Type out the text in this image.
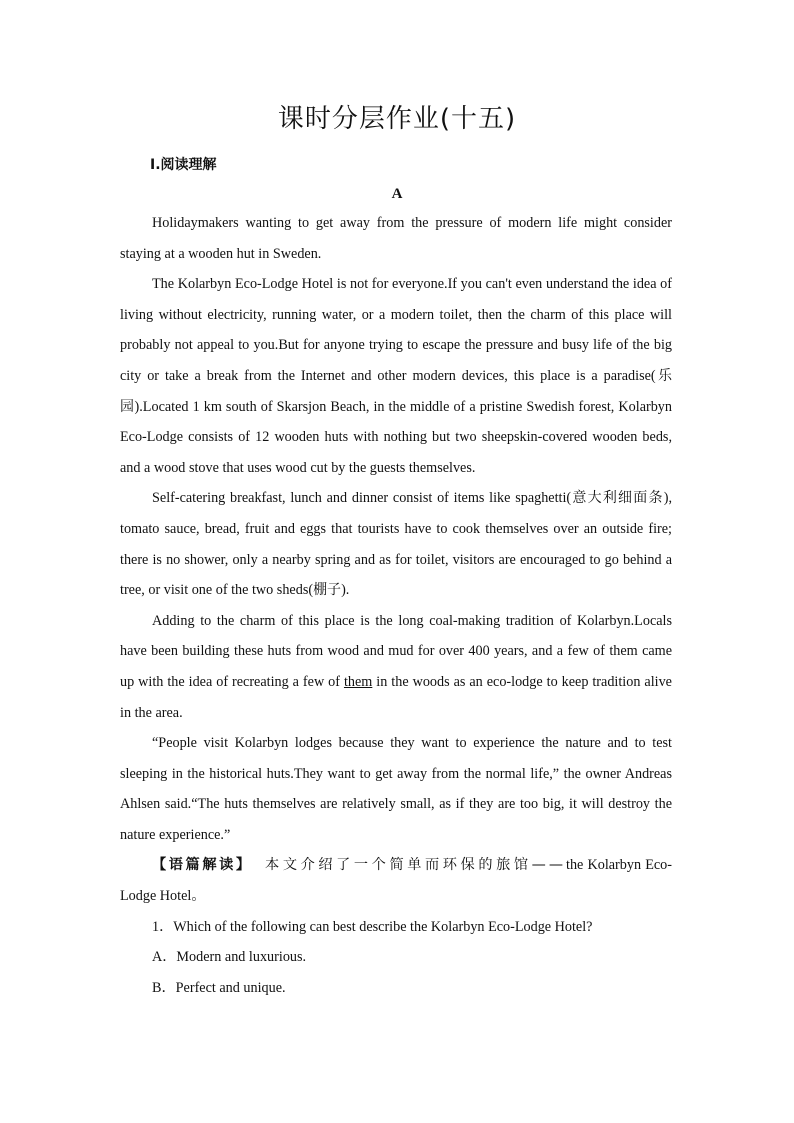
课时分层作业(十五)
Ⅰ.阅读理解
A

Holidaymakers wanting to get away from the pressure of modern life might consider staying at a wooden hut in Sweden.

The Kolarbyn Eco-Lodge Hotel is not for everyone.If you can't even understand the idea of living without electricity, running water, or a modern toilet, then the charm of this place will probably not appeal to you.But for anyone trying to escape the pressure and busy life of the big city or take a break from the Internet and other modern devices, this place is a paradise(乐园).Located 1 km south of Skarsjon Beach, in the middle of a pristine Swedish forest, Kolarbyn Eco-Lodge consists of 12 wooden huts with nothing but two sheepskin-covered wooden beds, and a wood stove that uses wood cut by the guests themselves.

Self-catering breakfast, lunch and dinner consist of items like spaghetti(意大利细面条), tomato sauce, bread, fruit and eggs that tourists have to cook themselves over an outside fire; there is no shower, only a nearby spring and as for toilet, visitors are encouraged to go behind a tree, or visit one of the two sheds(棚子).

Adding to the charm of this place is the long coal-making tradition of Kolarbyn.Locals have been building these huts from wood and mud for over 400 years, and a few of them came up with the idea of recreating a few of them in the woods as an eco-lodge to keep tradition alive in the area.

“People visit Kolarbyn lodges because they want to experience the nature and to test sleeping in the historical huts.They want to get away from the normal life,” the owner Andreas Ahlsen said.“The huts themselves are relatively small, as if they are too big, it will destroy the nature experience.”

【语篇解读】 本文介绍了一个简单而环保的旅馆——the Kolarbyn Eco-Lodge Hotel。

1．Which of the following can best describe the Kolarbyn Eco-Lodge Hotel?

A．Modern and luxurious.

B．Perfect and unique.
